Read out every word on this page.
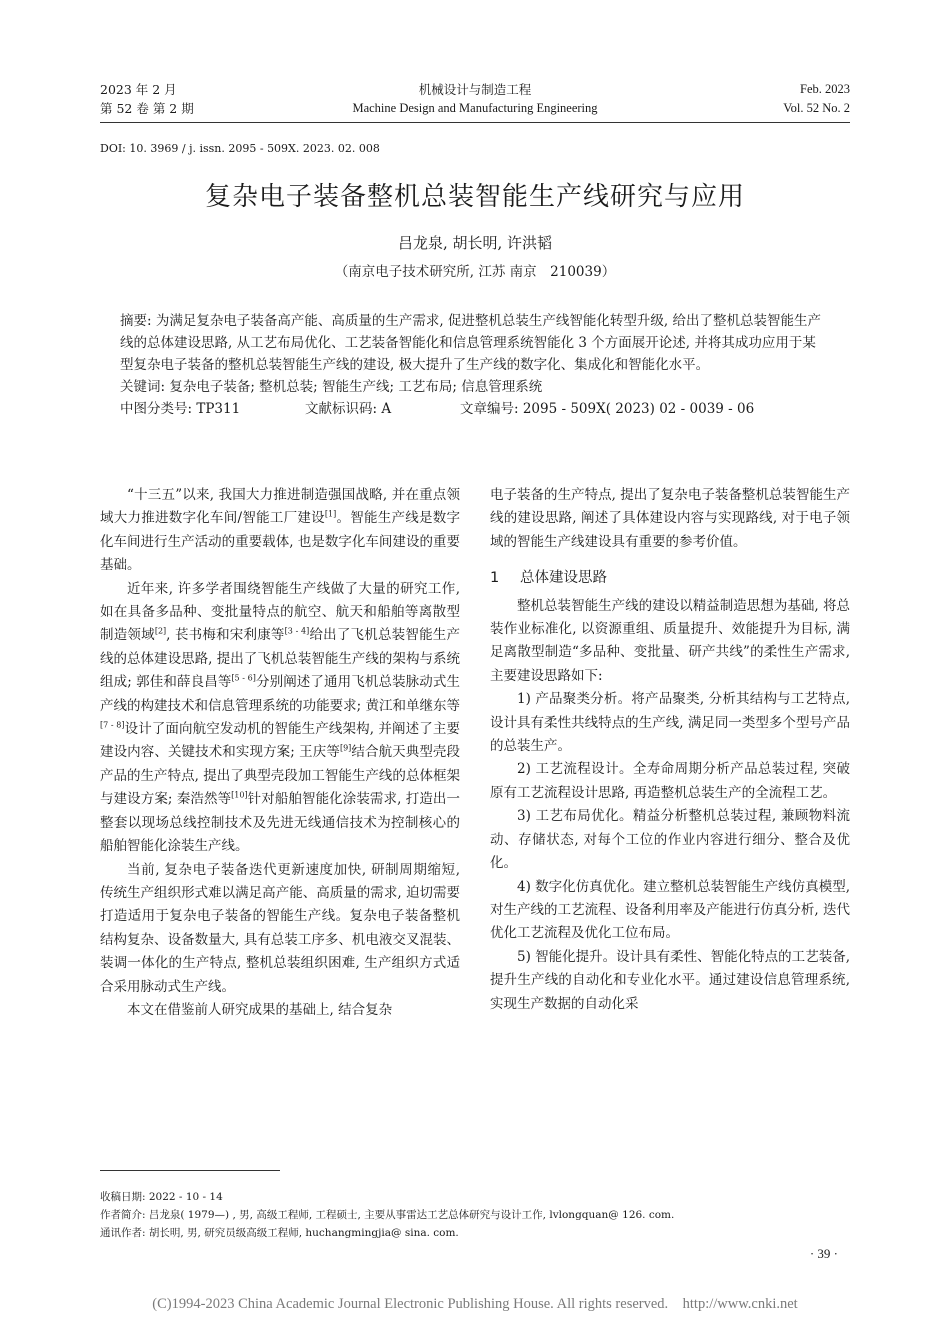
2023 年 2 月
第 52 卷 第 2 期
机械设计与制造工程
Machine Design and Manufacturing Engineering
Feb. 2023
Vol. 52 No. 2
DOI: 10. 3969 / j. issn. 2095 - 509X. 2023. 02. 008
复杂电子装备整机总装智能生产线研究与应用
吕龙泉, 胡长明, 许洪韬
（南京电子技术研究所, 江苏 南京　210039）

摘要: 为满足复杂电子装备高产能、高质量的生产需求, 促进整机总装生产线智能化转型升级, 给出了整机总装智能生产线的总体建设思路, 从工艺布局优化、工艺装备智能化和信息管理系统智能化 3 个方面展开论述, 并将其成功应用于某型复杂电子装备的整机总装智能生产线的建设, 极大提升了生产线的数字化、集成化和智能化水平。

关键词: 复杂电子装备; 整机总装; 智能生产线; 工艺布局; 信息管理系统

中图分类号: TP311	文献标识码: A	文章编号: 2095 - 509X( 2023) 02 - 0039 - 06

“十三五”以来, 我国大力推进制造强国战略, 并在重点领域大力推进数字化车间/智能工厂建设[1]。智能生产线是数字化车间进行生产活动的重要载体, 也是数字化车间建设的重要基础。

近年来, 许多学者围绕智能生产线做了大量的研究工作, 如在具备多品种、变批量特点的航空、航天和船舶等离散型制造领域[2], 苌书梅和宋利康等[3 - 4]给出了飞机总装智能生产线的总体建设思路, 提出了飞机总装智能生产线的架构与系统组成; 郭佳和薛良昌等[5 - 6]分别阐述了通用飞机总装脉动式生产线的构建技术和信息管理系统的功能要求; 黄江和单继东等[7 - 8]设计了面向航空发动机的智能生产线架构, 并阐述了主要建设内容、关键技术和实现方案; 王庆等[9]结合航天典型壳段产品的生产特点, 提出了典型壳段加工智能生产线的总体框架与建设方案; 秦浩然等[10]针对船舶智能化涂装需求, 打造出一整套以现场总线控制技术及先进无线通信技术为控制核心的船舶智能化涂装生产线。

当前, 复杂电子装备迭代更新速度加快, 研制周期缩短, 传统生产组织形式难以满足高产能、高质量的需求, 迫切需要打造适用于复杂电子装备的智能生产线。复杂电子装备整机结构复杂、设备数量大, 具有总装工序多、机电液交叉混装、装调一体化的生产特点, 整机总装组织困难, 生产组织方式适合采用脉动式生产线。

本文在借鉴前人研究成果的基础上, 结合复杂

电子装备的生产特点, 提出了复杂电子装备整机总装智能生产线的建设思路, 阐述了具体建设内容与实现路线, 对于电子领域的智能生产线建设具有重要的参考价值。

1 总体建设思路

整机总装智能生产线的建设以精益制造思想为基础, 将总装作业标准化, 以资源重组、质量提升、效能提升为目标, 满足离散型制造“多品种、变批量、研产共线”的柔性生产需求, 主要建设思路如下:

1) 产品聚类分析。将产品聚类, 分析其结构与工艺特点, 设计具有柔性共线特点的生产线, 满足同一类型多个型号产品的总装生产。

2) 工艺流程设计。全寿命周期分析产品总装过程, 突破原有工艺流程设计思路, 再造整机总装生产的全流程工艺。

3) 工艺布局优化。精益分析整机总装过程, 兼顾物料流动、存储状态, 对每个工位的作业内容进行细分、整合及优化。

4) 数字化仿真优化。建立整机总装智能生产线仿真模型, 对生产线的工艺流程、设备利用率及产能进行仿真分析, 迭代优化工艺流程及优化工位布局。

5) 智能化提升。设计具有柔性、智能化特点的工艺装备, 提升生产线的自动化和专业化水平。通过建设信息管理系统, 实现生产数据的自动化采

收稿日期: 2022 - 10 - 14

作者简介: 吕龙泉( 1979—) , 男, 高级工程师, 工程硕士, 主要从事雷达工艺总体研究与设计工作, lvlongquan@ 126. com.

通讯作者: 胡长明, 男, 研究员级高级工程师, huchangmingjia@ sina. com.

· 39 ·
(C)1994-2023 China Academic Journal Electronic Publishing House. All rights reserved.    http://www.cnki.net
